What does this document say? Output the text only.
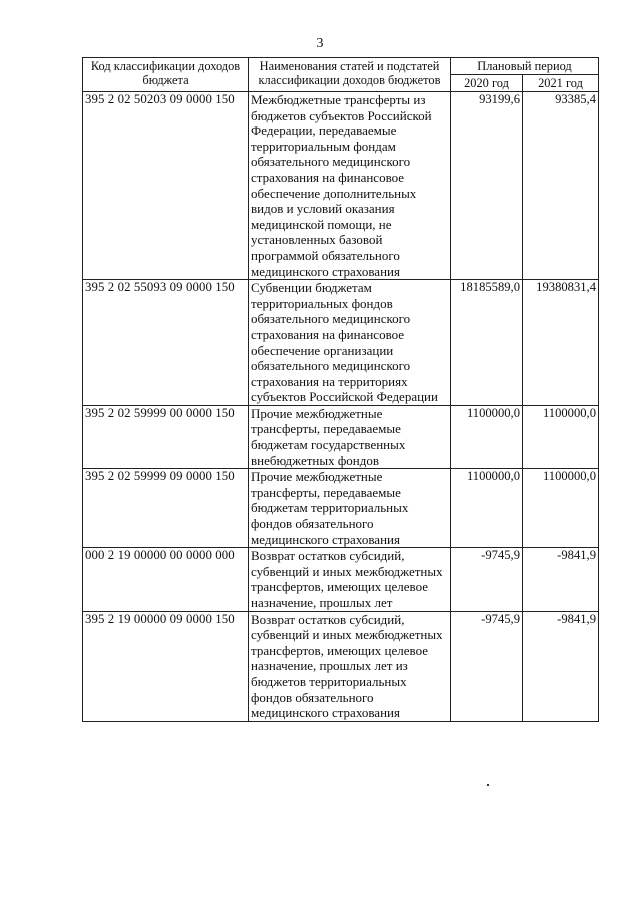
3
Код классификации доходов бюджета	Наименования статей и подстатей классификации доходов бюджетов	Плановый период	
		2020 год	2021 год
395 2 02 50203 09 0000 150	Межбюджетные трансферты из бюджетов субъектов Российской Федерации, передаваемые территориальным фондам обязательного медицинского страхования на финансовое обеспечение дополнительных видов и условий оказания медицинской помощи, не установленных базовой программой обязательного медицинского страхования	93199,6	93385,4
395 2 02 55093 09 0000 150	Субвенции бюджетам территориальных фондов обязательного медицинского страхования на финансовое обеспечение организации обязательного медицинского страхования на территориях субъектов Российской Федерации	18185589,0	19380831,4
395 2 02 59999 00 0000 150	Прочие межбюджетные трансферты, передаваемые бюджетам государственных внебюджетных фондов	1100000,0	1100000,0
395 2 02 59999 09 0000 150	Прочие межбюджетные трансферты, передаваемые бюджетам территориальных фондов обязательного медицинского страхования	1100000,0	1100000,0
000 2 19 00000 00 0000 000	Возврат остатков субсидий, субвенций и иных межбюджетных трансфертов, имеющих целевое назначение, прошлых лет	-9745,9	-9841,9
395 2 19 00000 09 0000 150	Возврат остатков субсидий, субвенций и иных межбюджетных трансфертов, имеющих целевое назначение, прошлых лет из бюджетов территориальных фондов обязательного медицинского страхования	-9745,9	-9841,9
